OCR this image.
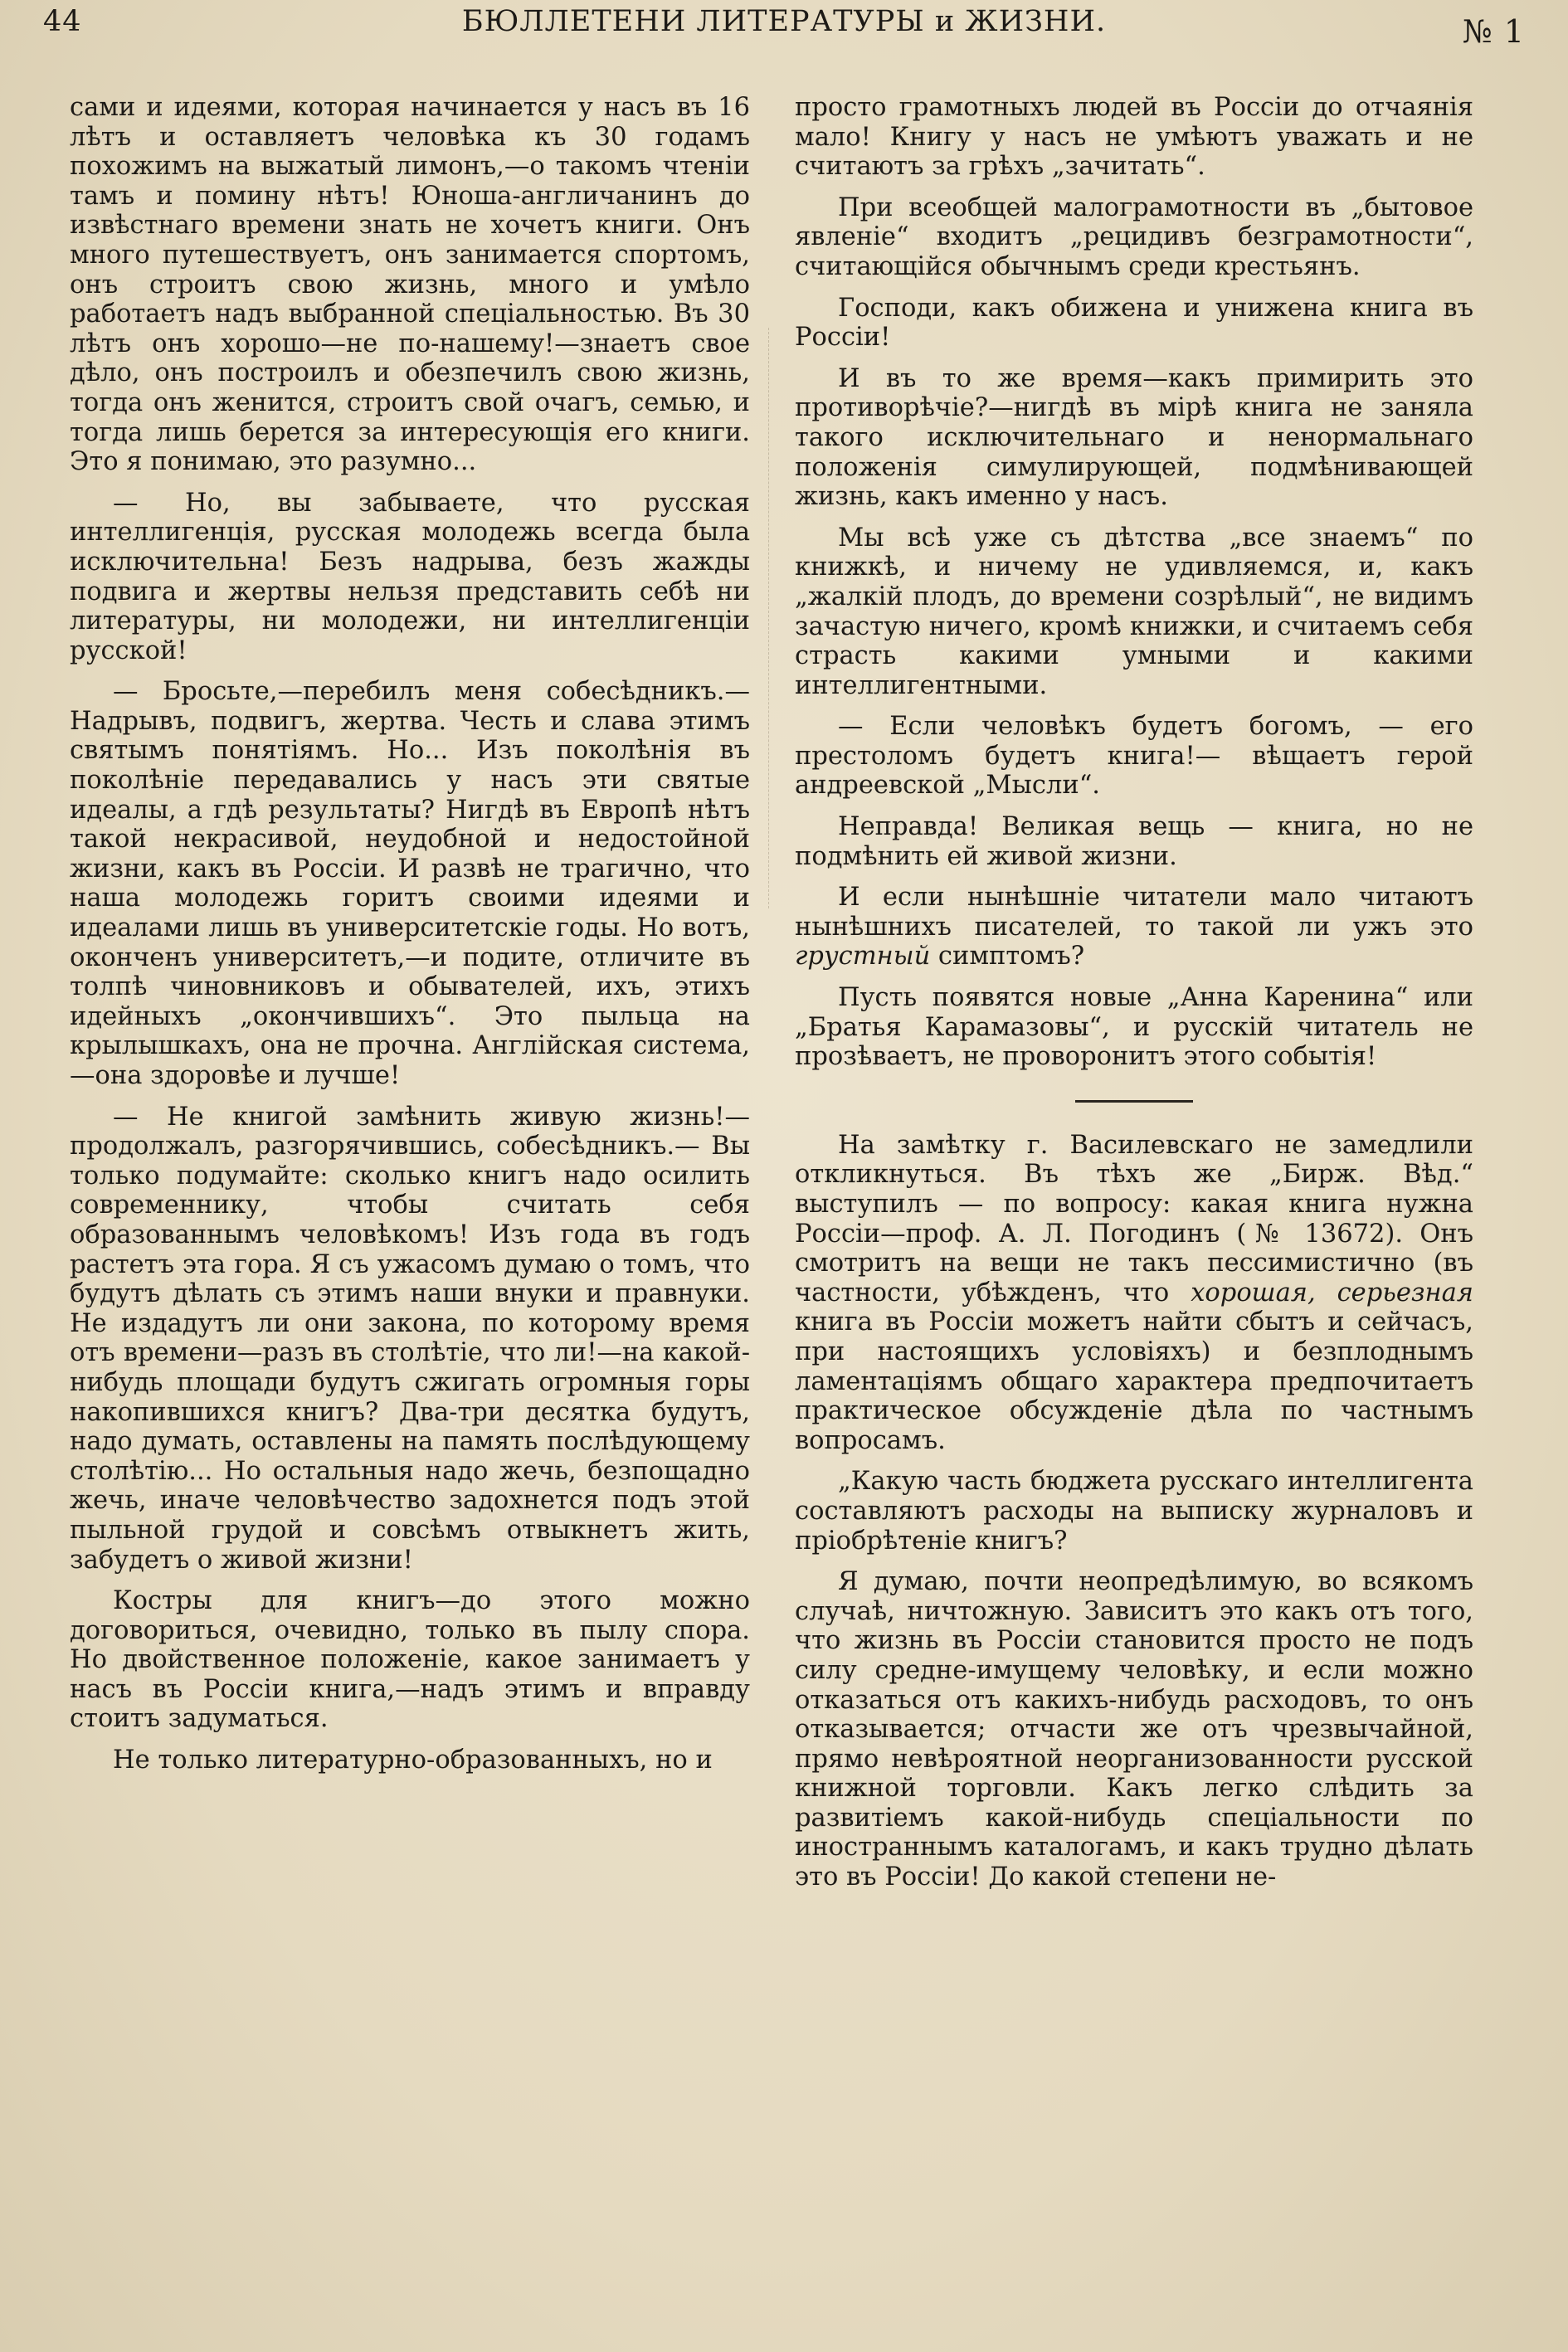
44	БЮЛЛЕТЕНИ ЛИТЕРАТУРЫ и ЖИЗНИ.	№ 1

сами и идеями, которая начинается у насъ въ 16 лѣтъ и оставляетъ человѣка къ 30 годамъ похожимъ на выжатый лимонъ,—о такомъ чтеніи тамъ и помину нѣтъ! Юноша-англичанинъ до извѣстнаго времени знать не хочетъ книги. Онъ много путешествуетъ, онъ занимается спортомъ, онъ строитъ свою жизнь, много и умѣло работаетъ надъ выбранной спеціальностью. Въ 30 лѣтъ онъ хорошо—не по-нашему!—знаетъ свое дѣло, онъ построилъ и обезпечилъ свою жизнь, тогда онъ женится, строитъ свой очагъ, семью, и тогда лишь берется за интересующія его книги. Это я понимаю, это разумно...

— Но, вы забываете, что русская интеллигенція, русская молодежь всегда была исключительна! Безъ надрыва, безъ жажды подвига и жертвы нельзя представить себѣ ни литературы, ни молодежи, ни интеллигенціи русской!

— Бросьте,—перебилъ меня собесѣдникъ.— Надрывъ, подвигъ, жертва. Честь и слава этимъ святымъ понятіямъ. Но... Изъ поколѣнія въ поколѣніе передавались у насъ эти святые идеалы, а гдѣ результаты? Нигдѣ въ Европѣ нѣтъ такой некрасивой, неудобной и недостойной жизни, какъ въ Россіи. И развѣ не трагично, что наша молодежь горитъ своими идеями и идеалами лишь въ университетскіе годы. Но вотъ, оконченъ университетъ,—и подите, отличите въ толпѣ чиновниковъ и обывателей, ихъ, этихъ идейныхъ „окончившихъ“. Это пыльца на крылышкахъ, она не прочна. Англійская система,—она здоровѣе и лучше!

— Не книгой замѣнить живую жизнь!— продолжалъ, разгорячившись, собесѣдникъ.— Вы только подумайте: сколько книгъ надо осилить современнику, чтобы считать себя образованнымъ человѣкомъ! Изъ года въ годъ растетъ эта гора. Я съ ужасомъ думаю о томъ, что будутъ дѣлать съ этимъ наши внуки и правнуки. Не издадутъ ли они закона, по которому время отъ времени—разъ въ столѣтіе, что ли!—на какой-нибудь площади будутъ сжигать огромныя горы накопившихся книгъ? Два-три десятка будутъ, надо думать, оставлены на память послѣдующему столѣтію... Но остальныя надо жечь, безпощадно жечь, иначе человѣчество задохнется подъ этой пыльной грудой и совсѣмъ отвыкнетъ жить, забудетъ о живой жизни!

Костры для книгъ—до этого можно договориться, очевидно, только въ пылу спора. Но двойственное положеніе, какое занимаетъ у насъ въ Россіи книга,—надъ этимъ и вправду стоитъ задуматься.

Не только литературно-образованныхъ, но и

просто грамотныхъ людей въ Россіи до отчаянія мало! Книгу у насъ не умѣютъ уважать и не считаютъ за грѣхъ „зачитать“.

При всеобщей малограмотности въ „бытовое явленіе“ входитъ „рецидивъ безграмотности“, считающійся обычнымъ среди крестьянъ.

Господи, какъ обижена и унижена книга въ Россіи!

И въ то же время—какъ примирить это противорѣчіе?—нигдѣ въ мірѣ книга не заняла такого исключительнаго и ненормальнаго положенія симулирующей, подмѣнивающей жизнь, какъ именно у насъ.

Мы всѣ уже съ дѣтства „все знаемъ“ по книжкѣ, и ничему не удивляемся, и, какъ „жалкій плодъ, до времени созрѣлый“, не видимъ зачастую ничего, кромѣ книжки, и считаемъ себя страсть какими умными и какими интеллигентными.

— Если человѣкъ будетъ богомъ, — его престоломъ будетъ книга!— вѣщаетъ герой андреевской „Мысли“.

Неправда! Великая вещь — книга, но не подмѣнить ей живой жизни.

И если нынѣшніе читатели мало читаютъ нынѣшнихъ писателей, то такой ли ужъ это грустный симптомъ?

Пусть появятся новые „Анна Каренина“ или „Братья Карамазовы“, и русскій читатель не прозѣваетъ, не проворонитъ этого событія!

На замѣтку г. Василевскаго не замедлили откликнуться. Въ тѣхъ же „Бирж. Вѣд.“ выступилъ — по вопросу: какая книга нужна Россіи—проф. А. Л. Погодинъ (№ 13672). Онъ смотритъ на вещи не такъ пессимистично (въ частности, убѣжденъ, что хорошая, серьезная книга въ Россіи можетъ найти сбытъ и сейчасъ, при настоящихъ условіяхъ) и безплоднымъ ламентаціямъ общаго характера предпочитаетъ практическое обсужденіе дѣла по частнымъ вопросамъ.

„Какую часть бюджета русскаго интеллигента составляютъ расходы на выписку журналовъ и пріобрѣтеніе книгъ?

Я думаю, почти неопредѣлимую, во всякомъ случаѣ, ничтожную. Зависитъ это какъ отъ того, что жизнь въ Россіи становится просто не подъ силу средне-имущему человѣку, и если можно отказаться отъ какихъ-нибудь расходовъ, то онъ отказывается; отчасти же отъ чрезвычайной, прямо невѣроятной неорганизованности русской книжной торговли. Какъ легко слѣдить за развитіемъ какой-нибудь спеціальности по иностраннымъ каталогамъ, и какъ трудно дѣлать это въ Россіи! До какой степени не-
